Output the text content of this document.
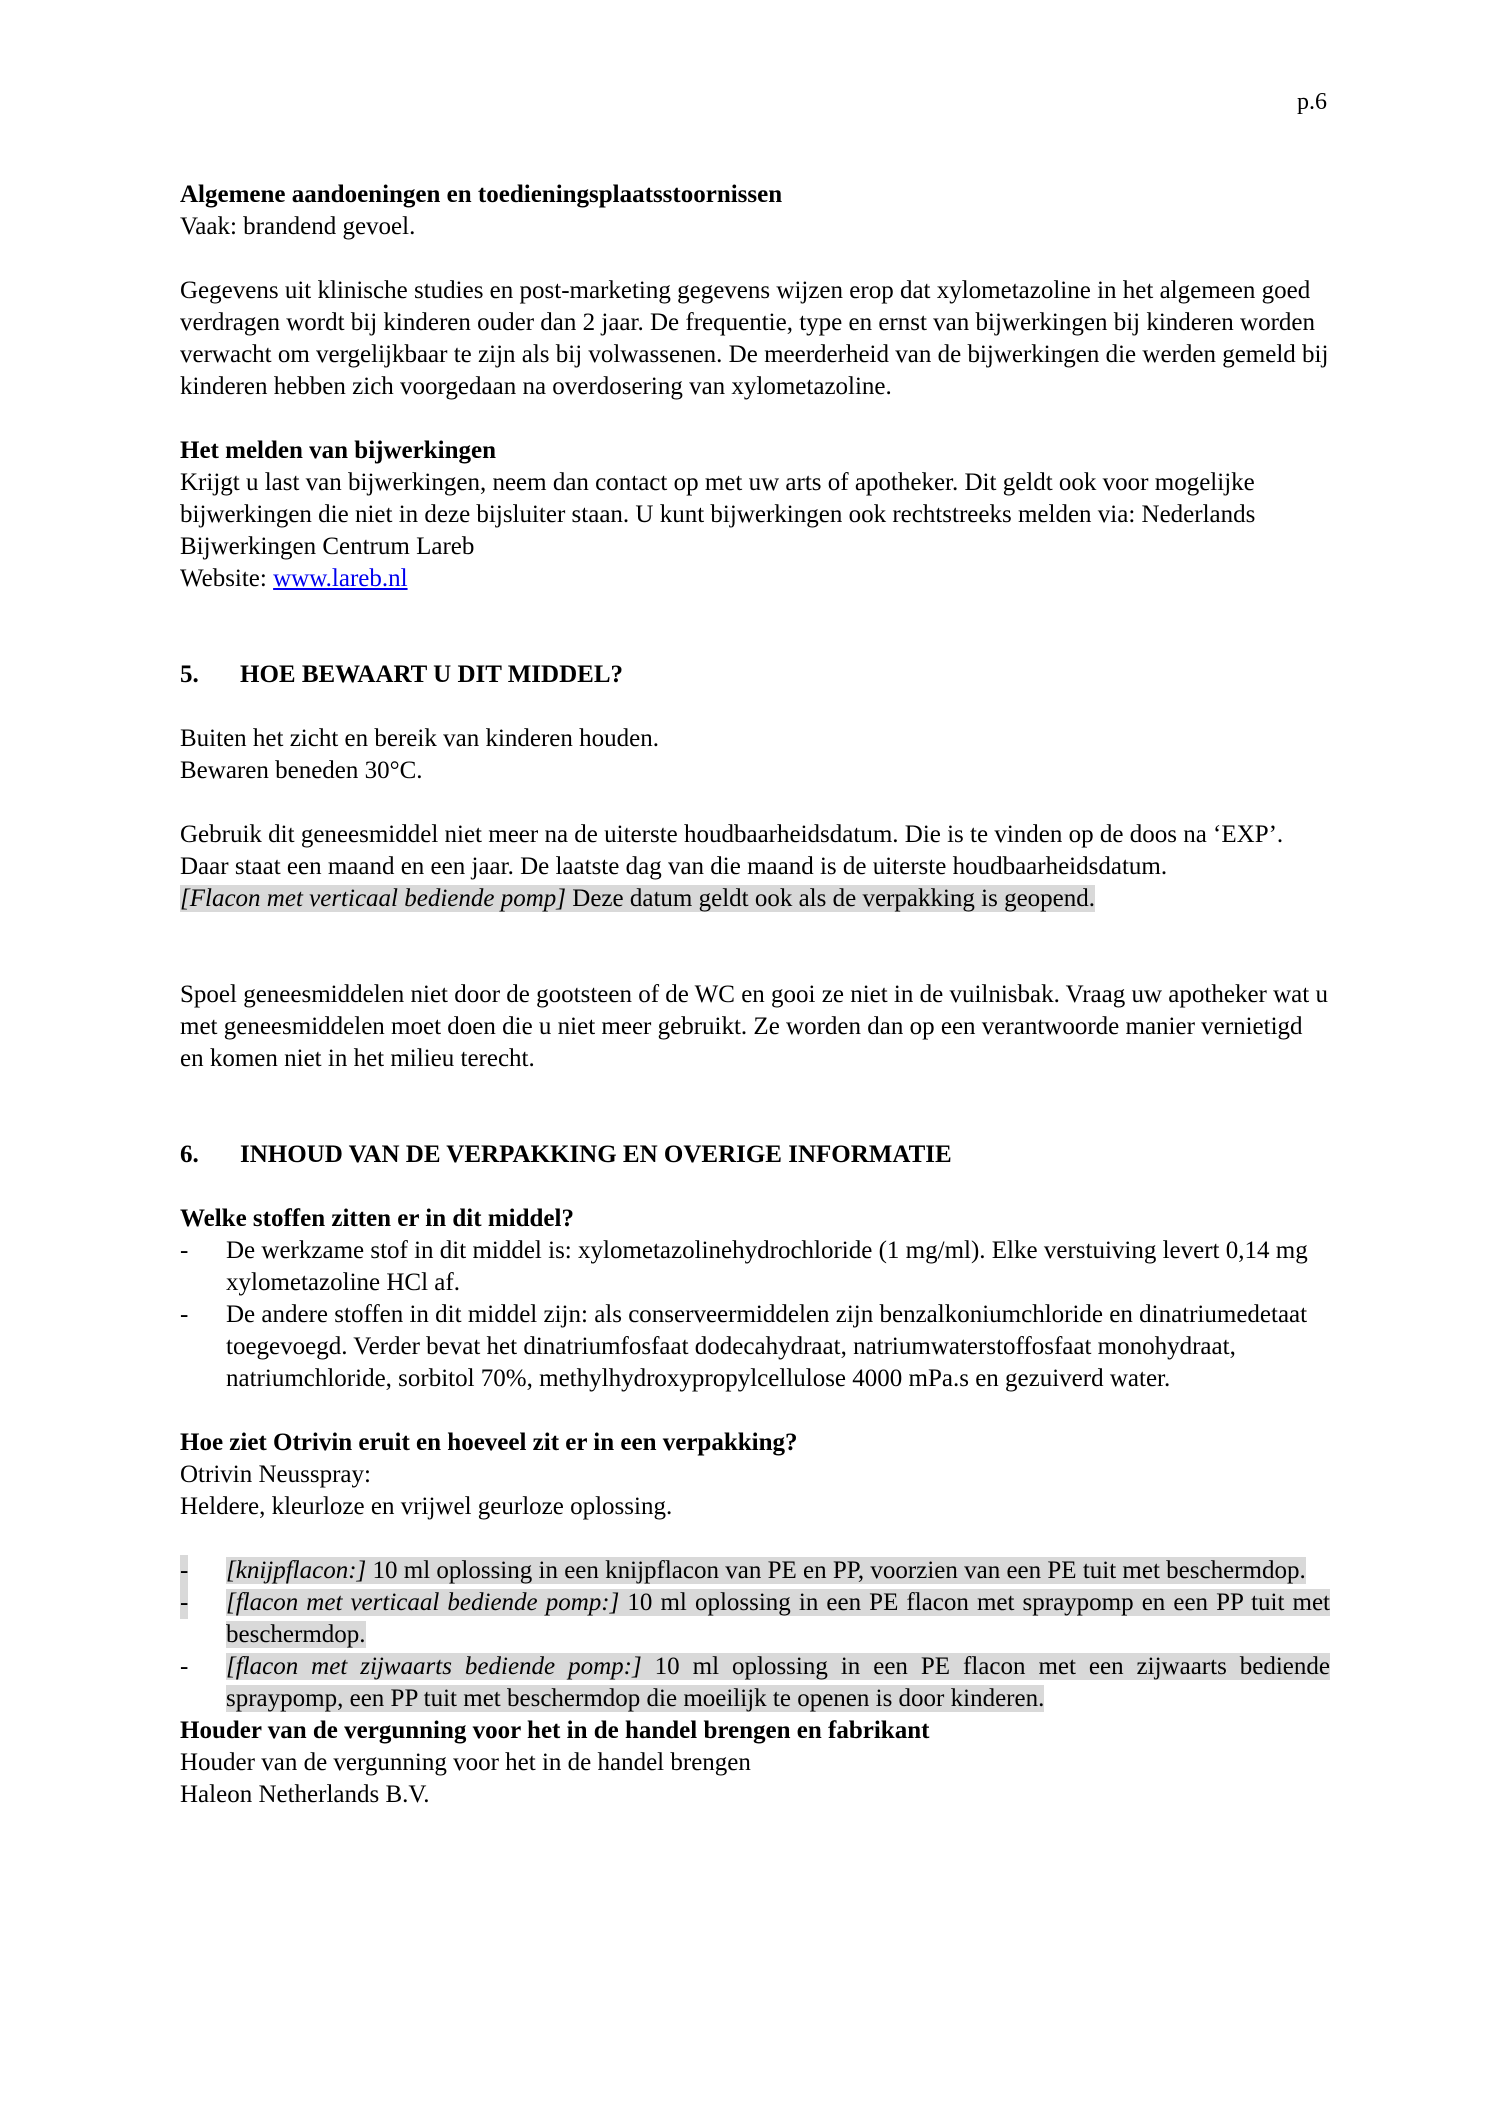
p.6

Algemene aandoeningen en toedieningsplaatsstoornissen

Vaak: brandend gevoel.

Gegevens uit klinische studies en post-marketing gegevens wijzen erop dat xylometazoline in het algemeen goed verdragen wordt bij kinderen ouder dan 2 jaar. De frequentie, type en ernst van bijwerkingen bij kinderen worden verwacht om vergelijkbaar te zijn als bij volwassenen. De meerderheid van de bijwerkingen die werden gemeld bij kinderen hebben zich voorgedaan na overdosering van xylometazoline.

Het melden van bijwerkingen

Krijgt u last van bijwerkingen, neem dan contact op met uw arts of apotheker. Dit geldt ook voor mogelijke bijwerkingen die niet in deze bijsluiter staan. U kunt bijwerkingen ook rechtstreeks melden via: Nederlands Bijwerkingen Centrum Lareb

Website: www.lareb.nl

5.	HOE BEWAART U DIT MIDDEL?

Buiten het zicht en bereik van kinderen houden.

Bewaren beneden 30°C.

Gebruik dit geneesmiddel niet meer na de uiterste houdbaarheidsdatum. Die is te vinden op de doos na ‘EXP’. Daar staat een maand en een jaar. De laatste dag van die maand is de uiterste houdbaarheidsdatum.

[Flacon met verticaal bediende pomp] Deze datum geldt ook als de verpakking is geopend.

Spoel geneesmiddelen niet door de gootsteen of de WC en gooi ze niet in de vuilnisbak. Vraag uw apotheker wat u met geneesmiddelen moet doen die u niet meer gebruikt. Ze worden dan op een verantwoorde manier vernietigd en komen niet in het milieu terecht.

6.	INHOUD VAN DE VERPAKKING EN OVERIGE INFORMATIE

Welke stoffen zitten er in dit middel?

- De werkzame stof in dit middel is: xylometazolinehydrochloride (1 mg/ml). Elke verstuiving levert 0,14 mg xylometazoline HCl af.
- De andere stoffen in dit middel zijn: als conserveermiddelen zijn benzalkoniumchloride en dinatriumedetaat toegevoegd. Verder bevat het dinatriumfosfaat dodecahydraat, natriumwaterstoffosfaat monohydraat, natriumchloride, sorbitol 70%, methylhydroxypropylcellulose 4000 mPa.s en gezuiverd water.

Hoe ziet Otrivin eruit en hoeveel zit er in een verpakking?

Otrivin Neusspray:

Heldere, kleurloze en vrijwel geurloze oplossing.

- [knijpflacon:] 10 ml oplossing in een knijpflacon van PE en PP, voorzien van een PE tuit met beschermdop.
- [flacon met verticaal bediende pomp:] 10 ml oplossing in een PE flacon met spraypomp en een PP tuit met beschermdop.
- [flacon met zijwaarts bediende pomp:] 10 ml oplossing in een PE flacon met een zijwaarts bediende spraypomp, een PP tuit met beschermdop die moeilijk te openen is door kinderen.

Houder van de vergunning voor het in de handel brengen en fabrikant

Houder van de vergunning voor het in de handel brengen

Haleon Netherlands B.V.
